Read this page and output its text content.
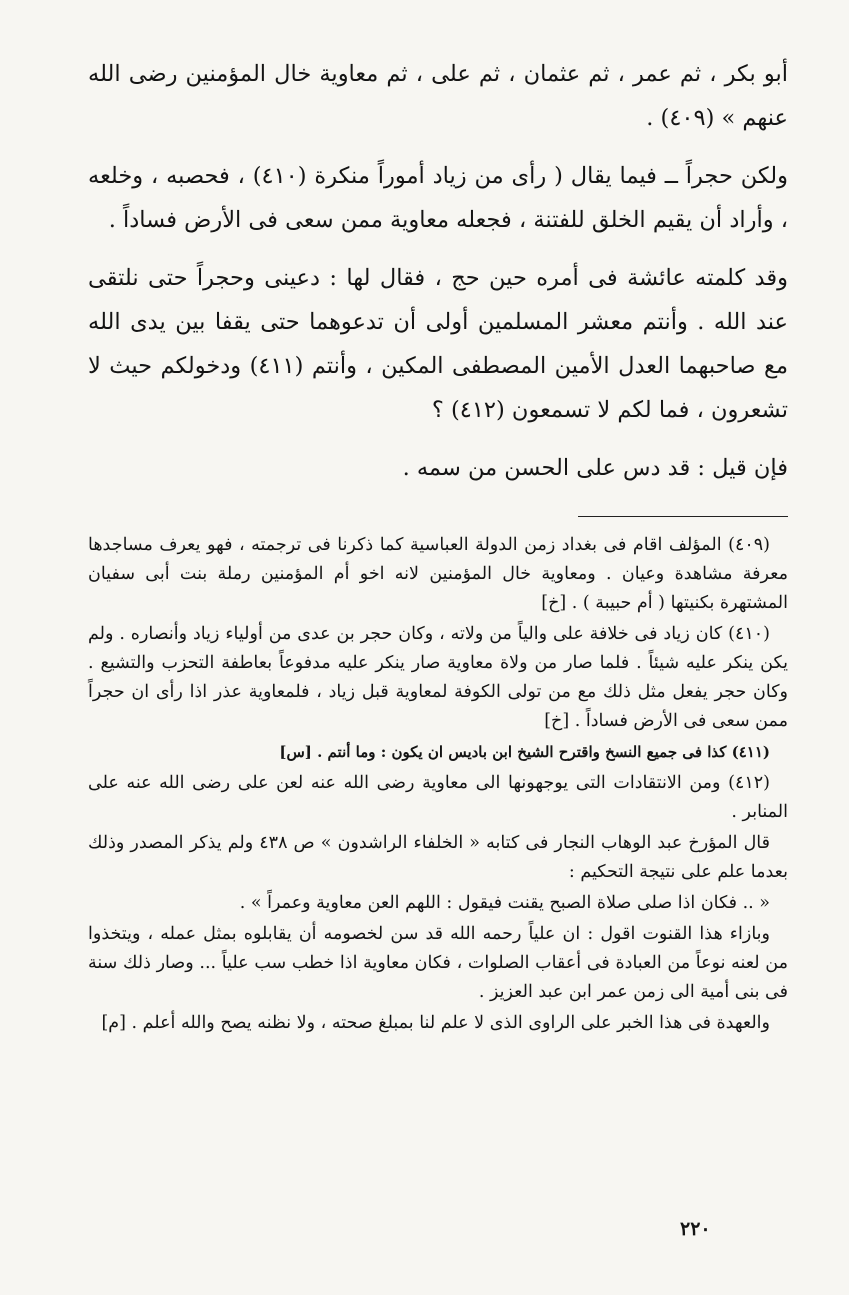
أبو بكر ، ثم عمر ، ثم عثمان ، ثم على ، ثم معاوية خال المؤمنين رضى الله عنهم » (٤٠٩) .

ولكن حجراً ــ فيما يقال ( رأى من زياد أموراً منكرة (٤١٠) ، فحصبه ، وخلعه ، وأراد أن يقيم الخلق للفتنة ، فجعله معاوية ممن سعى فى الأرض فساداً .

وقد كلمته عائشة فى أمره حين حج ، فقال لها : دعينى وحجراً حتى نلتقى عند الله . وأنتم معشر المسلمين أولى أن تدعوهما حتى يقفا بين يدى الله مع صاحبهما العدل الأمين المصطفى المكين ، وأنتم (٤١١) ودخولكم حيث لا تشعرون ، فما لكم لا تسمعون (٤١٢) ؟

فإن قيل : قد دس على الحسن من سمه .

(٤٠٩) المؤلف اقام فى بغداد زمن الدولة العباسية كما ذكرنا فى ترجمته ، فهو يعرف مساجدها معرفة مشاهدة وعيان . ومعاوية خال المؤمنين لانه اخو أم المؤمنين رملة بنت أبى سفيان المشتهرة بكنيتها ( أم حبيبة ) . [خ]

(٤١٠) كان زياد فى خلافة على والياً من ولاته ، وكان حجر بن عدى من أولياء زياد وأنصاره . ولم يكن ينكر عليه شيئاً . فلما صار من ولاة معاوية صار ينكر عليه مدفوعاً بعاطفة التحزب والتشيع . وكان حجر يفعل مثل ذلك مع من تولى الكوفة لمعاوية قبل زياد ، فلمعاوية عذر اذا رأى ان حجراً ممن سعى فى الأرض فساداً . [خ]

(٤١١) كذا فى جميع النسخ واقترح الشيخ ابن باديس ان يكون : وما أنتم . [س]

(٤١٢) ومن الانتقادات التى يوجهونها الى معاوية رضى الله عنه لعن على رضى الله عنه على المنابر .

قال المؤرخ عبد الوهاب النجار فى كتابه « الخلفاء الراشدون » ص ٤٣٨ ولم يذكر المصدر وذلك بعدما علم على نتيجة التحكيم :

« .. فكان اذا صلى صلاة الصبح يقنت فيقول : اللهم العن معاوية وعمراً » .

وبازاء هذا القنوت اقول : ان علياً رحمه الله قد سن لخصومه أن يقابلوه بمثل عمله ، ويتخذوا من لعنه نوعاً من العبادة فى أعقاب الصلوات ، فكان معاوية اذا خطب سب علياً ... وصار ذلك سنة فى بنى أمية الى زمن عمر ابن عبد العزيز .

والعهدة فى هذا الخبر على الراوى الذى لا علم لنا بمبلغ صحته ، ولا نظنه يصح والله أعلم . [م]

٢٢٠
